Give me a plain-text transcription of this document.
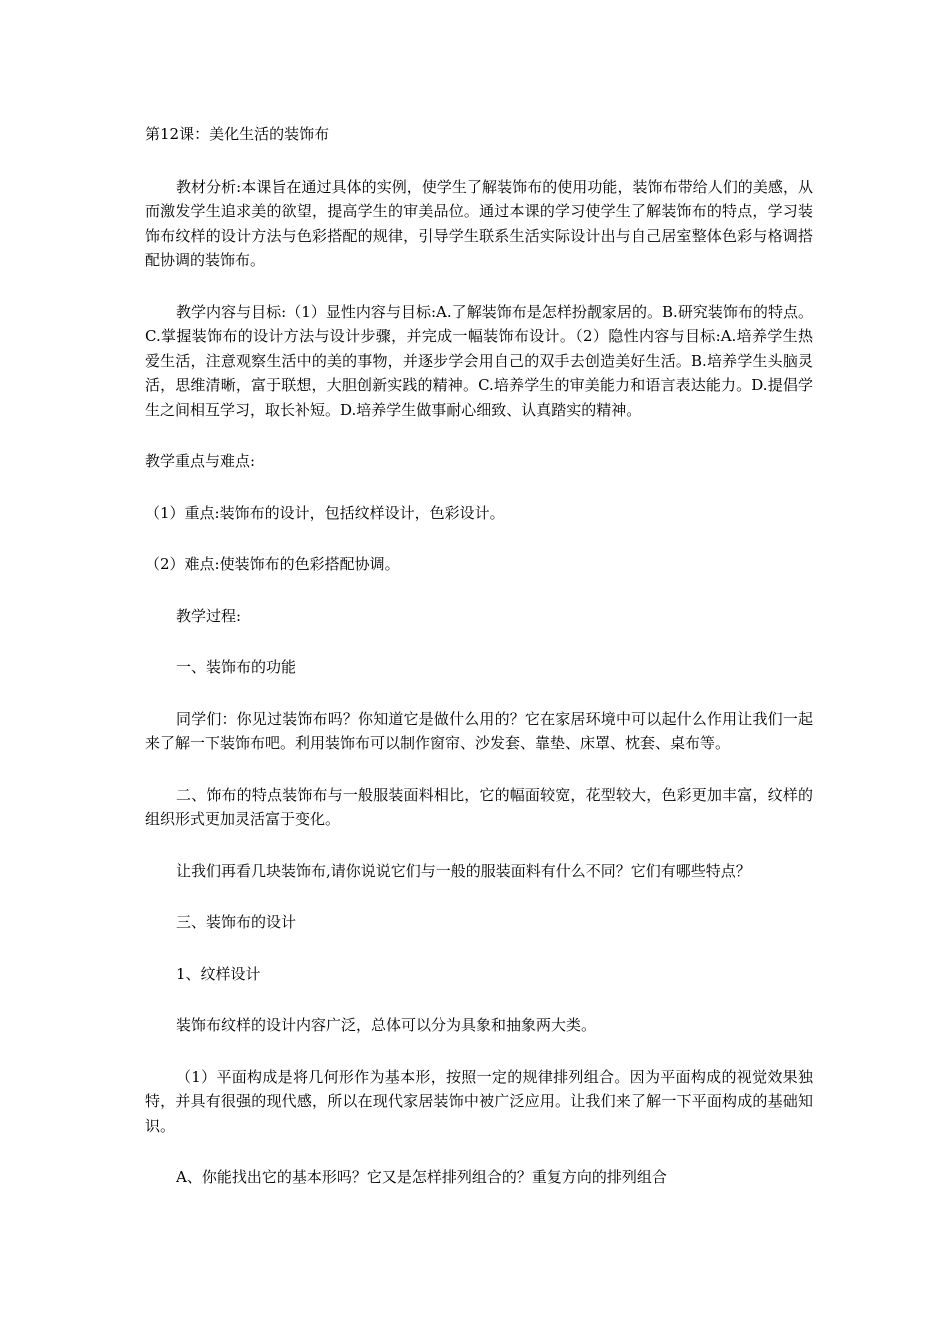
第12课：美化生活的装饰布

教材分析:本课旨在通过具体的实例，使学生了解装饰布的使用功能，装饰布带给人们的美感，从而激发学生追求美的欲望，提高学生的审美品位。通过本课的学习使学生了解装饰布的特点，学习装饰布纹样的设计方法与色彩搭配的规律，引导学生联系生活实际设计出与自己居室整体色彩与格调搭配协调的装饰布。

教学内容与目标:（1）显性内容与目标:A.了解装饰布是怎样扮靓家居的。B.研究装饰布的特点。C.掌握装饰布的设计方法与设计步骤，并完成一幅装饰布设计。（2）隐性内容与目标:A.培养学生热爱生活，注意观察生活中的美的事物，并逐步学会用自己的双手去创造美好生活。B.培养学生头脑灵活，思维清晰，富于联想，大胆创新实践的精神。C.培养学生的审美能力和语言表达能力。D.提倡学生之间相互学习，取长补短。D.培养学生做事耐心细致、认真踏实的精神。

教学重点与难点:

（1）重点:装饰布的设计，包括纹样设计，色彩设计。

（2）难点:使装饰布的色彩搭配协调。

教学过程:

一、装饰布的功能

同学们：你见过装饰布吗？你知道它是做什么用的？它在家居环境中可以起什么作用让我们一起来了解一下装饰布吧。利用装饰布可以制作窗帘、沙发套、靠垫、床罩、枕套、桌布等。

二、饰布的特点装饰布与一般服装面料相比，它的幅面较宽，花型较大，色彩更加丰富，纹样的组织形式更加灵活富于变化。

让我们再看几块装饰布,请你说说它们与一般的服装面料有什么不同？它们有哪些特点？

三、装饰布的设计

1、纹样设计

装饰布纹样的设计内容广泛，总体可以分为具象和抽象两大类。

（1）平面构成是将几何形作为基本形，按照一定的规律排列组合。因为平面构成的视觉效果独特，并具有很强的现代感，所以在现代家居装饰中被广泛应用。让我们来了解一下平面构成的基础知识。

A、你能找出它的基本形吗？它又是怎样排列组合的？重复方向的排列组合
